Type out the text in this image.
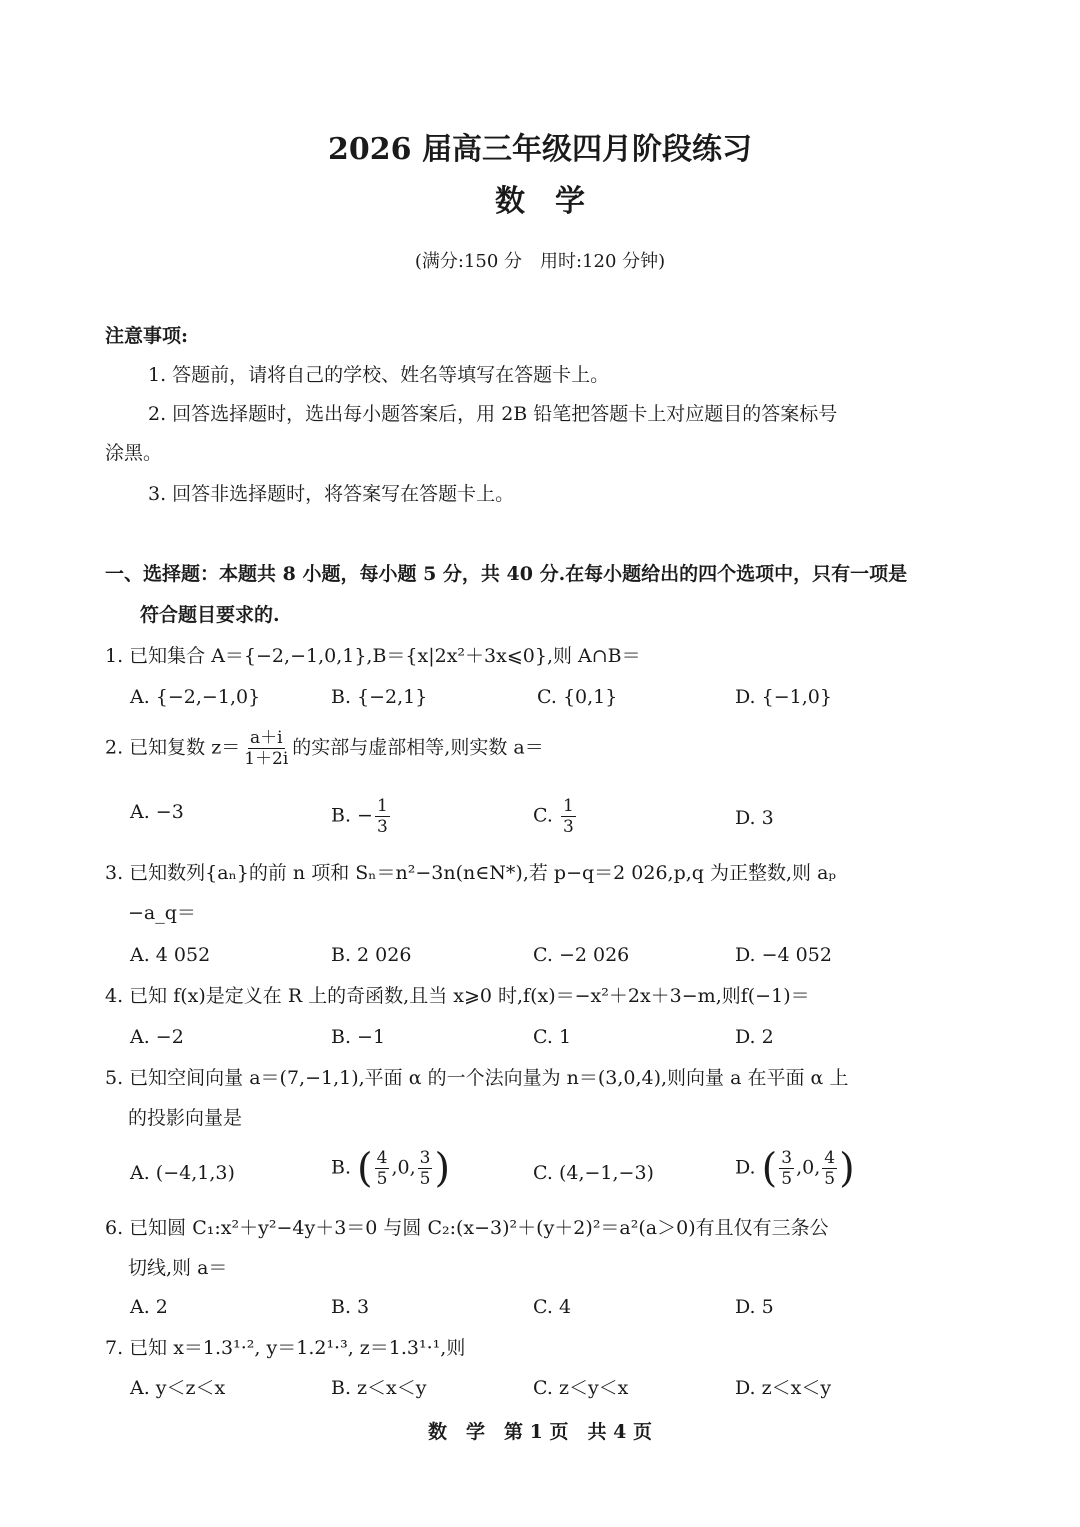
2026 届高三年级四月阶段练习
数　学
(满分:150 分　用时:120 分钟)
注意事项:
1. 答题前，请将自己的学校、姓名等填写在答题卡上。
2. 回答选择题时，选出每小题答案后，用 2B 铅笔把答题卡上对应题目的答案标号
涂黑。
3. 回答非选择题时，将答案写在答题卡上。
一、选择题：本题共 8 小题，每小题 5 分，共 40 分.在每小题给出的四个选项中，只有一项是
符合题目要求的.
1. 已知集合 A＝{−2,−1,0,1},B＝{x|2x²＋3x⩽0},则 A∩B＝
A. {−2,−1,0}	B. {−2,1}	C. {0,1}	D. {−1,0}
2. 已知复数 $z= \frac{a+i}{1+2i}$ 的实部与虚部相等,则实数 a＝
A. −3	B. − $\frac{1}{3}$	C. $\frac{1}{3}$	D. 3
3. 已知数列{aₙ}的前 n 项和 Sₙ＝n²−3n(n∈N*),若 p−q＝2 026,p,q 为正整数,则 aₚ
−a_q＝
A. 4 052	B. 2 026	C. −2 026	D. −4 052
4. 已知 f(x)是定义在 R 上的奇函数,且当 x⩾0 时,f(x)＝−x²＋2x＋3−m,则f(−1)＝
A. −2	B. −1	C. 1	D. 2
5. 已知空间向量 a＝(7,−1,1),平面 α 的一个法向量为 n＝(3,0,4),则向量 a 在平面 α 上
的投影向量是
A. (−4,1,3)	B. ( $\frac{4}{5} ,0$, $\frac{3}{5}$ )	C. (4,−1,−3)	D. ( $\frac{3}{5} ,0$, $\frac{4}{5}$ )
6. 已知圆 C₁:x²＋y²−4y＋3＝0 与圆 C₂:(x−3)²＋(y＋2)²＝a²(a＞0)有且仅有三条公
切线,则 a＝
A. 2	B. 3	C. 4	D. 5
7. 已知 x＝1.3¹·², y＝1.2¹·³, z＝1.3¹·¹,则
A. y＜z＜x	B. z＜x＜y	C. z＜y＜x	D. z＜x＜y
数　学　第 1 页　共 4 页
